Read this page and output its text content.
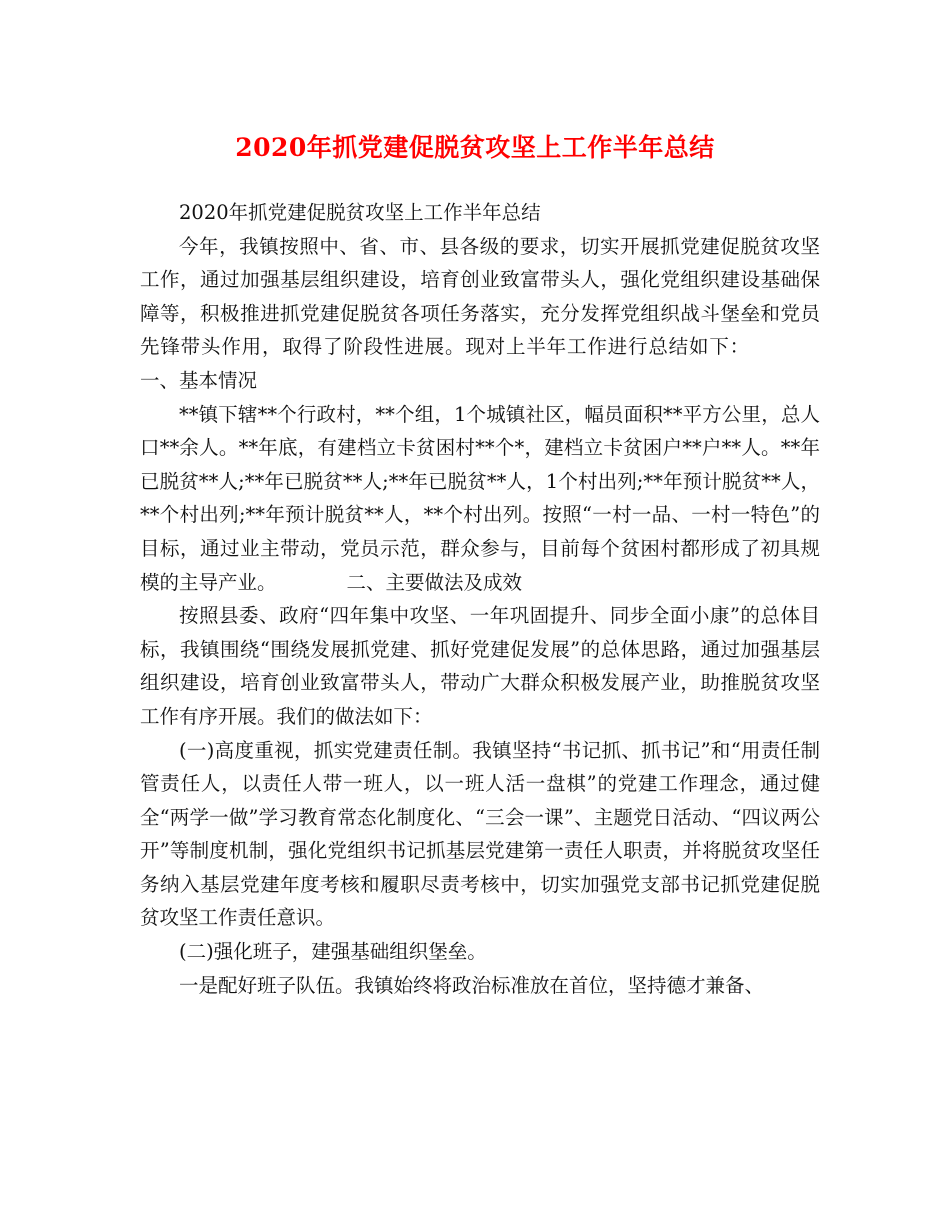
2020年抓党建促脱贫攻坚上工作半年总结

2020年抓党建促脱贫攻坚上工作半年总结

今年，我镇按照中、省、市、县各级的要求，切实开展抓党建促脱贫攻坚工作，通过加强基层组织建设，培育创业致富带头人，强化党组织建设基础保障等，积极推进抓党建促脱贫各项任务落实，充分发挥党组织战斗堡垒和党员先锋带头作用，取得了阶段性进展。现对上半年工作进行总结如下：一、基本情况

**镇下辖**个行政村，**个组，1个城镇社区，幅员面积**平方公里，总人口**余人。**年底，有建档立卡贫困村**个*，建档立卡贫困户**户**人。**年已脱贫**人;**年已脱贫**人;**年已脱贫**人，1个村出列;**年预计脱贫**人，**个村出列;**年预计脱贫**人，**个村出列。按照“一村一品、一村一特色”的目标，通过业主带动，党员示范，群众参与，目前每个贫困村都形成了初具规模的主导产业。	二、主要做法及成效

按照县委、政府“四年集中攻坚、一年巩固提升、同步全面小康”的总体目标，我镇围绕“围绕发展抓党建、抓好党建促发展”的总体思路，通过加强基层组织建设，培育创业致富带头人，带动广大群众积极发展产业，助推脱贫攻坚工作有序开展。我们的做法如下：

(一)高度重视，抓实党建责任制。我镇坚持“书记抓、抓书记”和“用责任制管责任人，以责任人带一班人，以一班人活一盘棋”的党建工作理念，通过健全“两学一做”学习教育常态化制度化、“三会一课”、主题党日活动、“四议两公开”等制度机制，强化党组织书记抓基层党建第一责任人职责，并将脱贫攻坚任务纳入基层党建年度考核和履职尽责考核中，切实加强党支部书记抓党建促脱贫攻坚工作责任意识。

(二)强化班子，建强基础组织堡垒。

一是配好班子队伍。我镇始终将政治标准放在首位，坚持德才兼备、
